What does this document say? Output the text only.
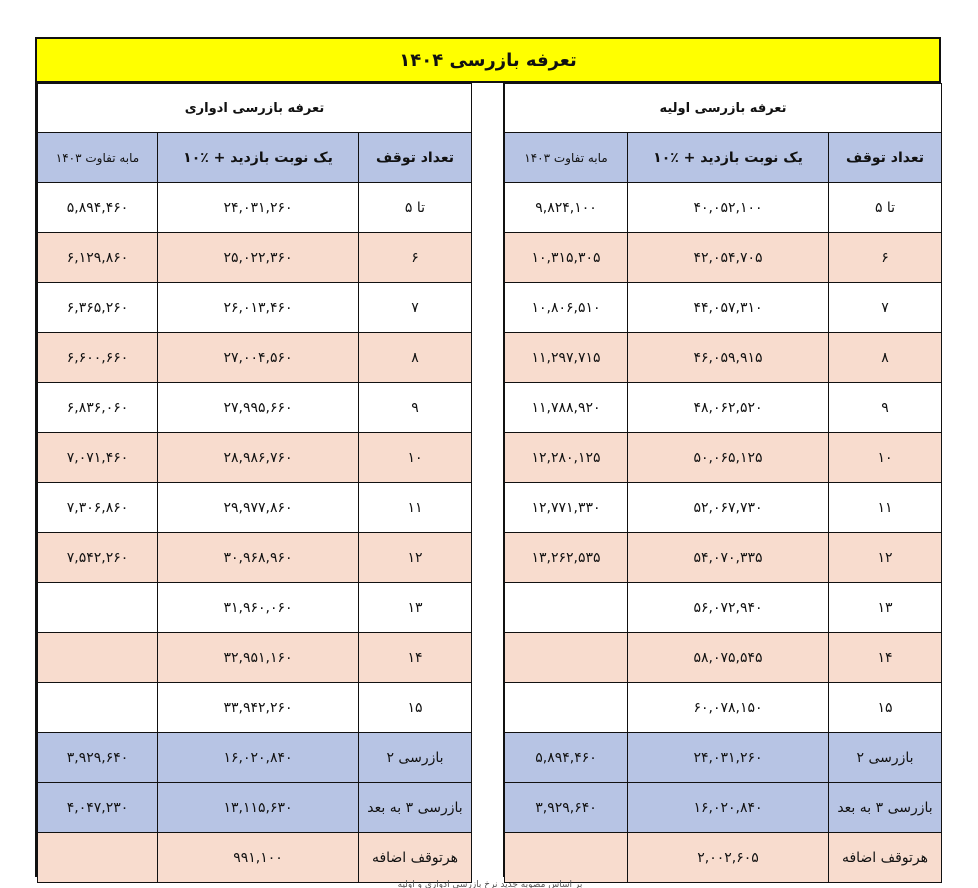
تعرفه بازرسی ۱۴۰۴
تعرفه بازرسی اولیه		
تعداد توقف	یک نوبت بازدید + ٪۱۰	مابه تفاوت ۱۴۰۳
تا ۵	۴۰,۰۵۲,۱۰۰	۹,۸۲۴,۱۰۰
۶	۴۲,۰۵۴,۷۰۵	۱۰,۳۱۵,۳۰۵
۷	۴۴,۰۵۷,۳۱۰	۱۰,۸۰۶,۵۱۰
۸	۴۶,۰۵۹,۹۱۵	۱۱,۲۹۷,۷۱۵
۹	۴۸,۰۶۲,۵۲۰	۱۱,۷۸۸,۹۲۰
۱۰	۵۰,۰۶۵,۱۲۵	۱۲,۲۸۰,۱۲۵
۱۱	۵۲,۰۶۷,۷۳۰	۱۲,۷۷۱,۳۳۰
۱۲	۵۴,۰۷۰,۳۳۵	۱۳,۲۶۲,۵۳۵
۱۳	۵۶,۰۷۲,۹۴۰	
۱۴	۵۸,۰۷۵,۵۴۵	
۱۵	۶۰,۰۷۸,۱۵۰	
بازرسی ۲	۲۴,۰۳۱,۲۶۰	۵,۸۹۴,۴۶۰
بازرسی ۳ به بعد	۱۶,۰۲۰,۸۴۰	۳,۹۲۹,۶۴۰
هرتوقف اضافه	۲,۰۰۲,۶۰۵	
تعرفه بازرسی ادواری		
تعداد توقف	یک نوبت بازدید + ٪۱۰	مابه تفاوت ۱۴۰۳
تا ۵	۲۴,۰۳۱,۲۶۰	۵,۸۹۴,۴۶۰
۶	۲۵,۰۲۲,۳۶۰	۶,۱۲۹,۸۶۰
۷	۲۶,۰۱۳,۴۶۰	۶,۳۶۵,۲۶۰
۸	۲۷,۰۰۴,۵۶۰	۶,۶۰۰,۶۶۰
۹	۲۷,۹۹۵,۶۶۰	۶,۸۳۶,۰۶۰
۱۰	۲۸,۹۸۶,۷۶۰	۷,۰۷۱,۴۶۰
۱۱	۲۹,۹۷۷,۸۶۰	۷,۳۰۶,۸۶۰
۱۲	۳۰,۹۶۸,۹۶۰	۷,۵۴۲,۲۶۰
۱۳	۳۱,۹۶۰,۰۶۰	
۱۴	۳۲,۹۵۱,۱۶۰	
۱۵	۳۳,۹۴۲,۲۶۰	
بازرسی ۲	۱۶,۰۲۰,۸۴۰	۳,۹۲۹,۶۴۰
بازرسی ۳ به بعد	۱۳,۱۱۵,۶۳۰	۴,۰۴۷,۲۳۰
هرتوقف اضافه	۹۹۱,۱۰۰	
بر اساس مصوبه جدید نرخ بازرسی ادواری و اولیه
